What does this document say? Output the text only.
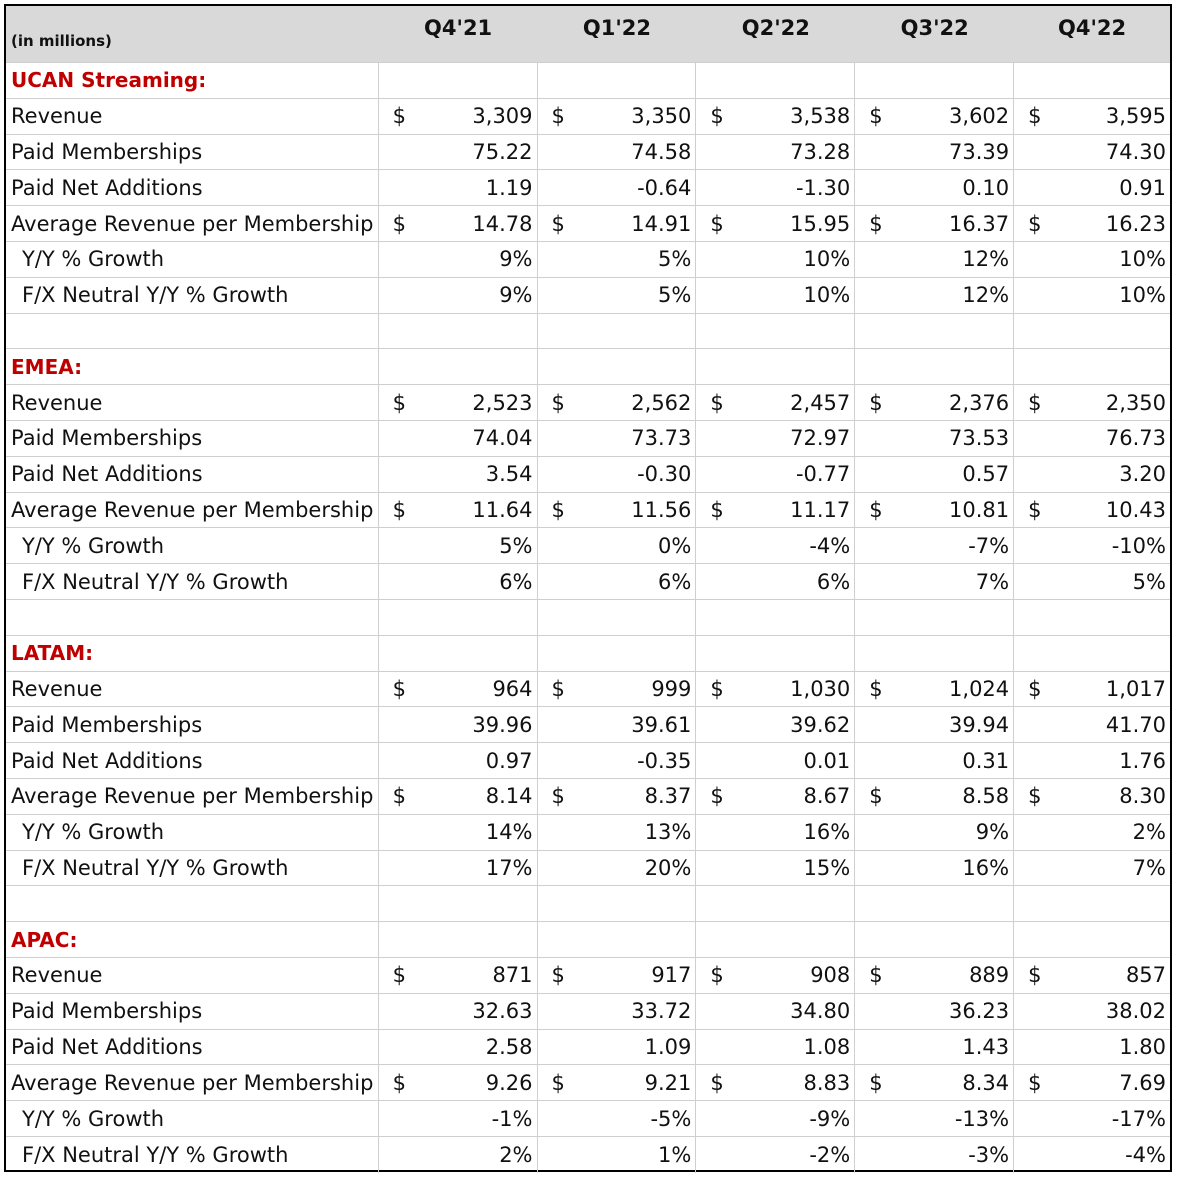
(in millions)
Q4'21	Q1'22	Q2'22	Q3'22	Q4'22
UCAN Streaming:
Revenue	$	3,309 $	3,350 $	3,538 $	3,602 $	3,595
Paid Memberships	75.22	74.58	73.28	73.39	74.30
Paid Net Additions	1.19	-0.64	-1.30	0.10	0.91
Average Revenue per Membership $	14.78 $	14.91 $	15.95 $	16.37 $	16.23
Y/Y % Growth	9%	5%	10%	12%	10%
F/X Neutral Y/Y % Growth	9%	5%	10%	12%	10%
EMEA:
Revenue	$	2,523 $	2,562 $	2,457 $	2,376 $	2,350
Paid Memberships	74.04	73.73	72.97	73.53	76.73
Paid Net Additions	3.54	-0.30	-0.77	0.57	3.20
Average Revenue per Membership $	11.64 $	11.56 $	11.17 $	10.81 $	10.43
Y/Y % Growth	5%	0%	-4%	-7%	-10%
F/X Neutral Y/Y % Growth	6%	6%	6%	7%	5%
LATAM:
Revenue	$	964 $	999 $	1,030 $	1,024 $	1,017
Paid Memberships	39.96	39.61	39.62	39.94	41.70
Paid Net Additions	0.97	-0.35	0.01	0.31	1.76
Average Revenue per Membership $	8.14 $	8.37 $	8.67 $	8.58 $	8.30
Y/Y % Growth	14%	13%	16%	9%	2%
F/X Neutral Y/Y % Growth	17%	20%	15%	16%	7%
APAC:
Revenue	$	871 $	917 $	908 $	889 $	857
Paid Memberships	32.63	33.72	34.80	36.23	38.02
Paid Net Additions	2.58	1.09	1.08	1.43	1.80
Average Revenue per Membership $	9.26 $	9.21 $	8.83 $	8.34 $	7.69
Y/Y % Growth	-1%	-5%	-9%	-13%	-17%
F/X Neutral Y/Y % Growth	2%	1%	-2%	-3%	-4%
